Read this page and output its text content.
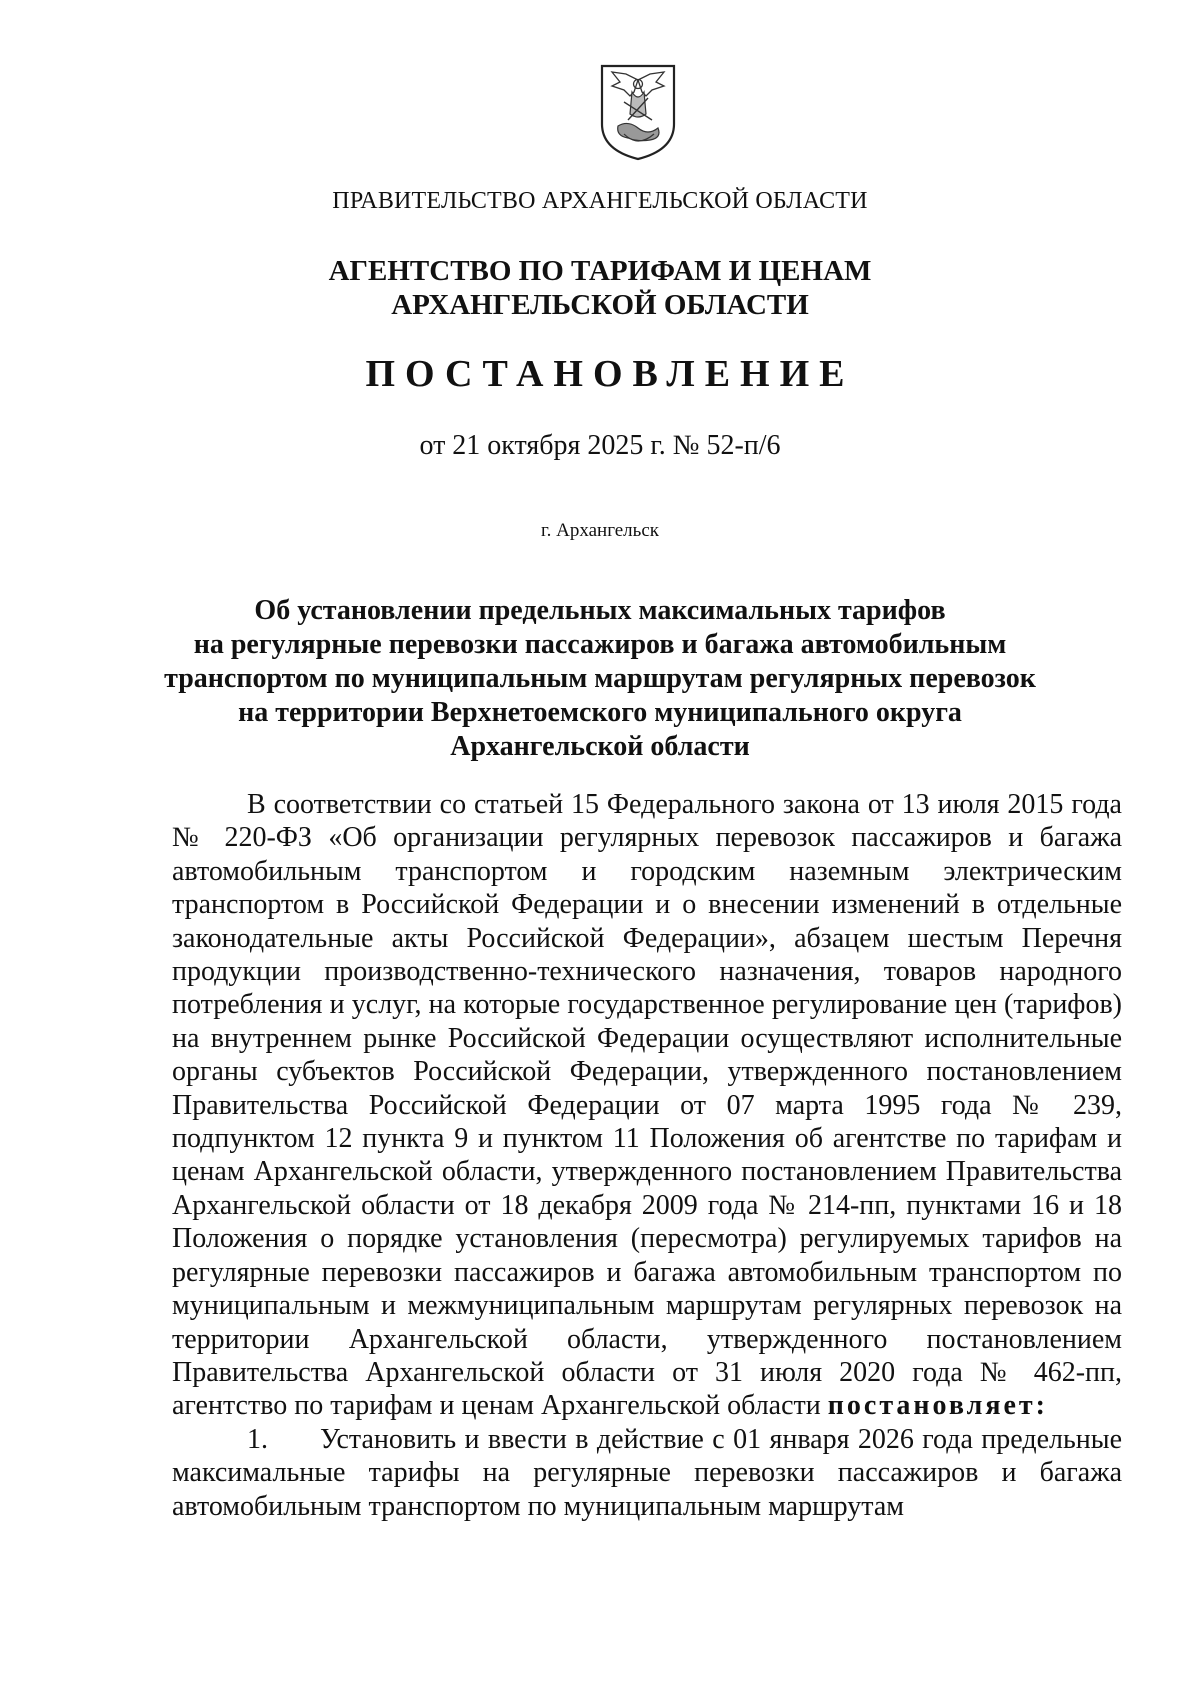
ПРАВИТЕЛЬСТВО АРХАНГЕЛЬСКОЙ ОБЛАСТИ
АГЕНТСТВО ПО ТАРИФАМ И ЦЕНАМ
АРХАНГЕЛЬСКОЙ ОБЛАСТИ
ПОСТАНОВЛЕНИЕ
от 21 октября 2025 г. № 52-п/6
г. Архангельск
Об установлении предельных максимальных тарифов
на регулярные перевозки пассажиров и багажа автомобильным
транспортом по муниципальным маршрутам регулярных перевозок
на территории Верхнетоемского муниципального округа
Архангельской области

В соответствии со статьей 15 Федерального закона от 13 июля 2015 года № 220-ФЗ «Об организации регулярных перевозок пассажиров и багажа автомобильным транспортом и городским наземным электрическим транспортом в Российской Федерации и о внесении изменений в отдельные законодательные акты Российской Федерации», абзацем шестым Перечня продукции производственно-технического назначения, товаров народного потребления и услуг, на которые государственное регулирование цен (тарифов) на внутреннем рынке Российской Федерации осуществляют исполнительные органы субъектов Российской Федерации, утвержденного постановлением Правительства Российской Федерации от 07 марта 1995 года № 239, подпунктом 12 пункта 9 и пунктом 11 Положения об агентстве по тарифам и ценам Архангельской области, утвержденного постановлением Правительства Архангельской области от 18 декабря 2009 года № 214-пп, пунктами 16 и 18 Положения о порядке установления (пересмотра) регулируемых тарифов на регулярные перевозки пассажиров и багажа автомобильным транспортом по муниципальным и межмуниципальным маршрутам регулярных перевозок на территории Архангельской области, утвержденного постановлением Правительства Архангельской области от 31 июля 2020 года № 462-пп, агентство по тарифам и ценам Архангельской области постановляет:

1.	Установить и ввести в действие с 01 января 2026 года предельные

максимальные тарифы на регулярные перевозки пассажиров и багажа автомобильным транспортом по муниципальным маршрутам
